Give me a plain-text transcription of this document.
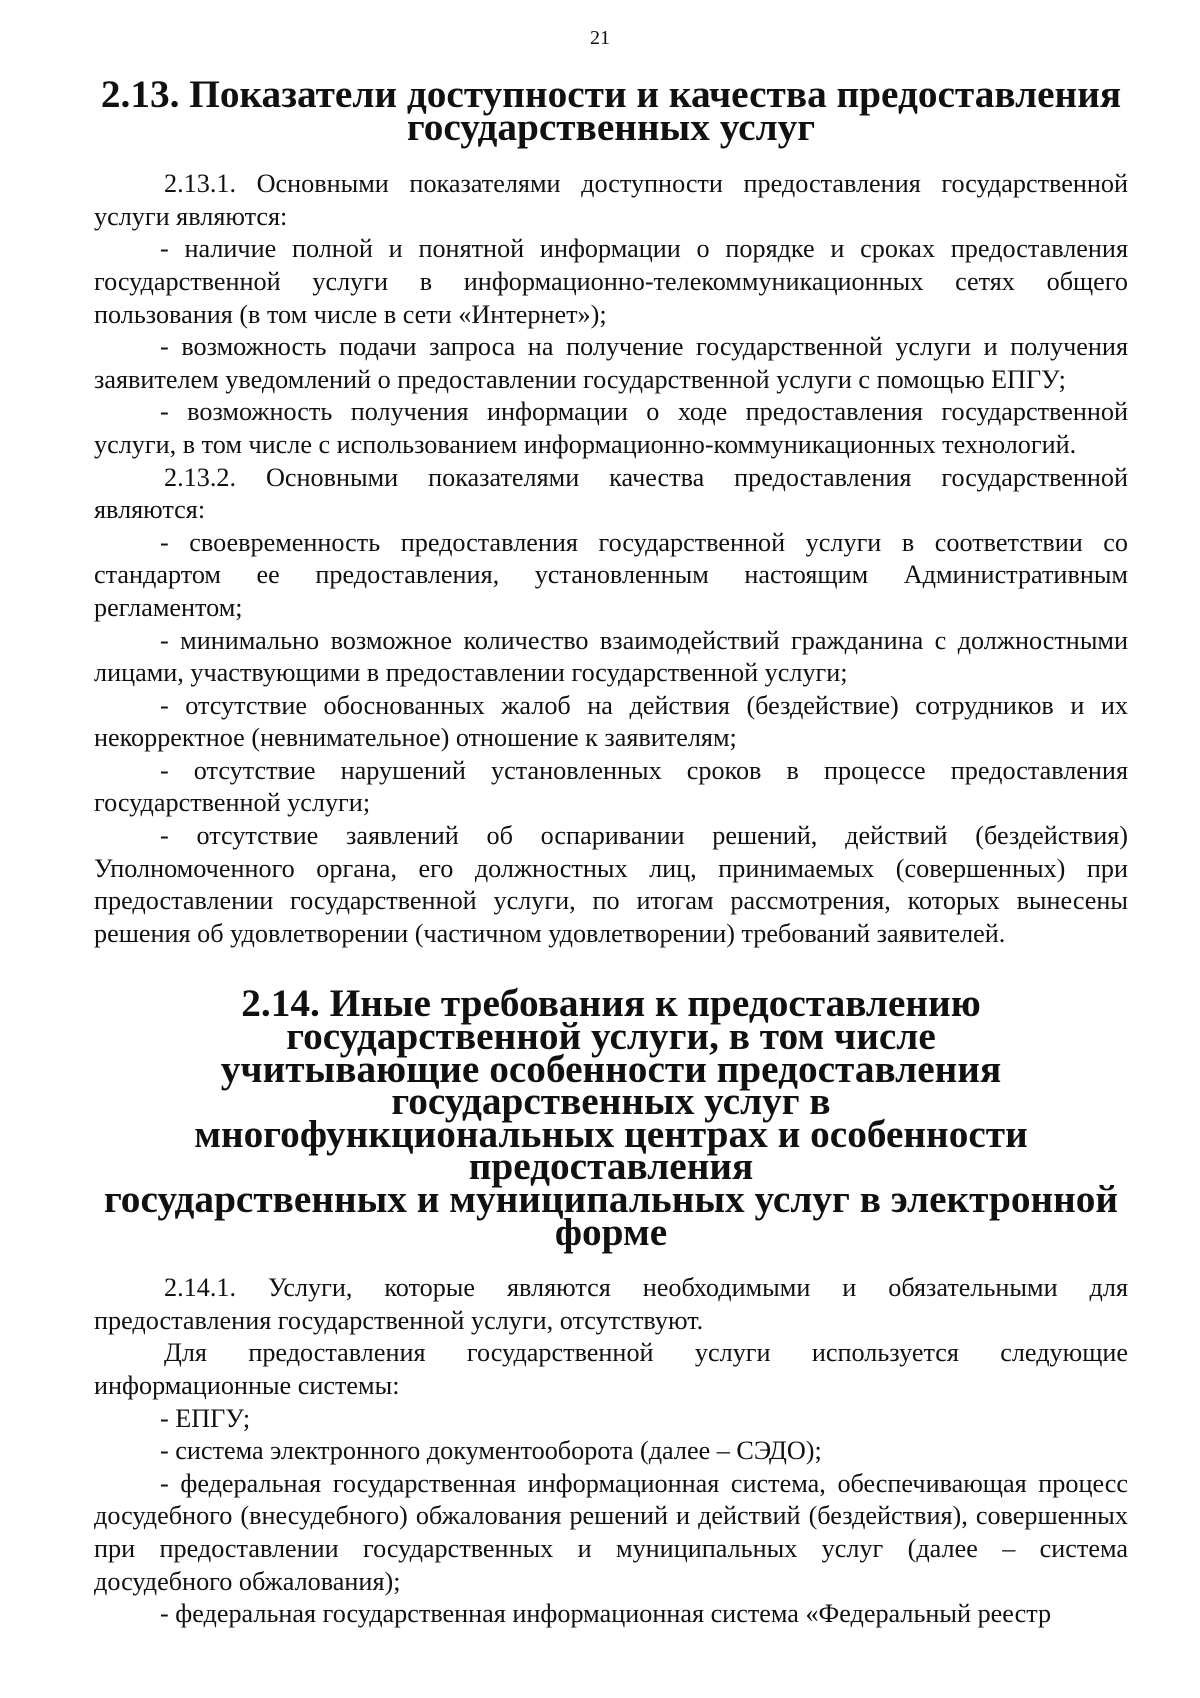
21
2.13. Показатели доступности и качества предоставления
государственных услуг

2.13.1. Основными показателями доступности предоставления государственной услуги являются:

- наличие полной и понятной информации о порядке и сроках предоставления государственной услуги в информационно-телекоммуникационных сетях общего пользования (в том числе в сети «Интернет»);

- возможность подачи запроса на получение государственной услуги и получения заявителем уведомлений о предоставлении государственной услуги с помощью ЕПГУ;

- возможность получения информации о ходе предоставления государственной услуги, в том числе с использованием информационно-коммуникационных технологий.

2.13.2. Основными показателями качества предоставления государственной являются:

- своевременность предоставления государственной услуги в соответствии со стандартом ее предоставления, установленным настоящим Административным регламентом;

- минимально возможное количество взаимодействий гражданина с должностными лицами, участвующими в предоставлении государственной услуги;

- отсутствие обоснованных жалоб на действия (бездействие) сотрудников и их некорректное (невнимательное) отношение к заявителям;

- отсутствие нарушений установленных сроков в процессе предоставления государственной услуги;

- отсутствие заявлений об оспаривании решений, действий (бездействия) Уполномоченного органа, его должностных лиц, принимаемых (совершенных) при предоставлении государственной услуги, по итогам рассмотрения, которых вынесены решения об удовлетворении (частичном удовлетворении) требований заявителей.

2.14. Иные требования к предоставлению государственной услуги, в том числе
учитывающие особенности предоставления государственных услуг в
многофункциональных центрах и особенности предоставления
государственных и муниципальных услуг в электронной форме

2.14.1. Услуги, которые являются необходимыми и обязательными для предоставления государственной услуги, отсутствуют.

Для предоставления государственной услуги используется следующие информационные системы:

- ЕПГУ;

- система электронного документооборота (далее – СЭДО);

- федеральная государственная информационная система, обеспечивающая процесс досудебного (внесудебного) обжалования решений и действий (бездействия), совершенных при предоставлении государственных и муниципальных услуг (далее – система досудебного обжалования);

- федеральная государственная информационная система «Федеральный реестр
